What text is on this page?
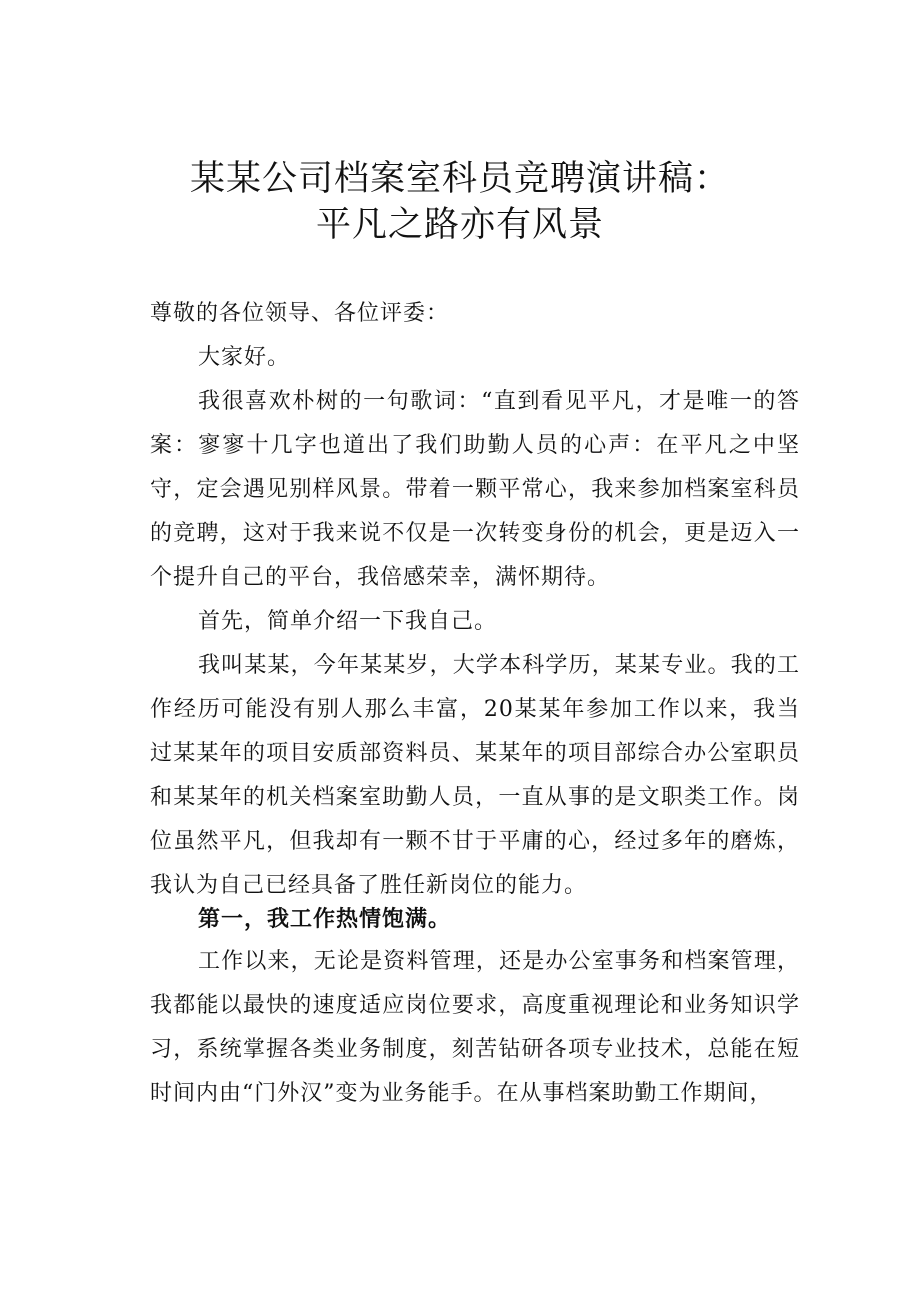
某某公司档案室科员竞聘演讲稿：
平凡之路亦有风景
尊敬的各位领导、各位评委：
大家好。
我很喜欢朴树的一句歌词：“直到看见平凡，才是唯一的答案：寥寥十几字也道出了我们助勤人员的心声：在平凡之中坚守，定会遇见别样风景。带着一颗平常心，我来参加档案室科员的竞聘，这对于我来说不仅是一次转变身份的机会，更是迈入一个提升自己的平台，我倍感荣幸，满怀期待。
首先，简单介绍一下我自己。
我叫某某，今年某某岁，大学本科学历，某某专业。我的工作经历可能没有别人那么丰富，20某某年参加工作以来，我当过某某年的项目安质部资料员、某某年的项目部综合办公室职员和某某年的机关档案室助勤人员，一直从事的是文职类工作。岗位虽然平凡，但我却有一颗不甘于平庸的心，经过多年的磨炼，我认为自己已经具备了胜任新岗位的能力。
第一，我工作热情饱满。
工作以来，无论是资料管理，还是办公室事务和档案管理，我都能以最快的速度适应岗位要求，高度重视理论和业务知识学习，系统掌握各类业务制度，刻苦钻研各项专业技术，总能在短时间内由“门外汉”变为业务能手。在从事档案助勤工作期间，
